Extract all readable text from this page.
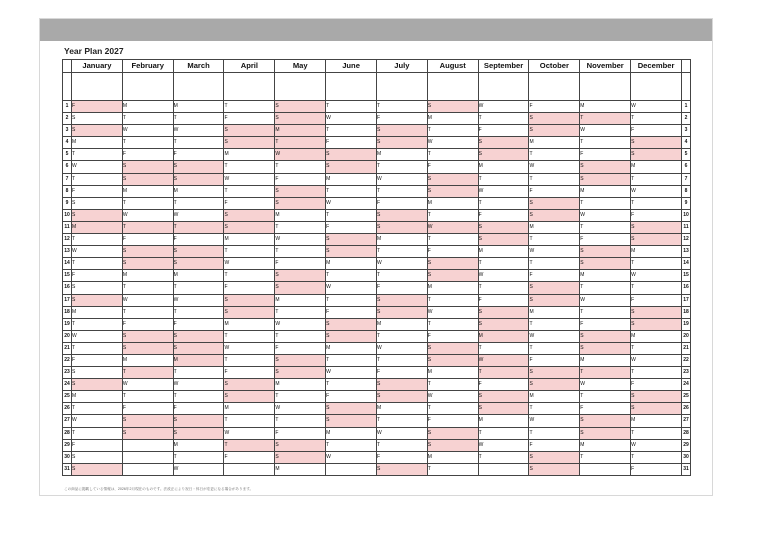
Year Plan 2027
	January	February	March	April	May	June	July	August	September	October	November	December	

1	F	M	M	T	S	T	T	S	W	F	M	W	1
2	S	T	T	F	S	W	F	M	T	S	T	T	2
3	S	W	W	S	M	T	S	T	F	S	W	F	3
4	M	T	T	S	T	F	S	W	S	M	T	S	4
5	T	F	F	M	W	S	M	T	S	T	F	S	5
6	W	S	S	T	T	S	T	F	M	W	S	M	6
7	T	S	S	W	F	M	W	S	T	T	S	T	7
8	F	M	M	T	S	T	T	S	W	F	M	W	8
9	S	T	T	F	S	W	F	M	T	S	T	T	9
10	S	W	W	S	M	T	S	T	F	S	W	F	10
11	M	T	T	S	T	F	S	W	S	M	T	S	11
12	T	F	F	M	W	S	M	T	S	T	F	S	12
13	W	S	S	T	T	S	T	F	M	W	S	M	13
14	T	S	S	W	F	M	W	S	T	T	S	T	14
15	F	M	M	T	S	T	T	S	W	F	M	W	15
16	S	T	T	F	S	W	F	M	T	S	T	T	16
17	S	W	W	S	M	T	S	T	F	S	W	F	17
18	M	T	T	S	T	F	S	W	S	M	T	S	18
19	T	F	F	M	W	S	M	T	S	T	F	S	19
20	W	S	S	T	T	S	T	F	M	W	S	M	20
21	T	S	S	W	F	M	W	S	T	T	S	T	21
22	F	M	M	T	S	T	T	S	W	F	M	W	22
23	S	T	T	F	S	W	F	M	T	S	T	T	23
24	S	W	W	S	M	T	S	T	F	S	W	F	24
25	M	T	T	S	T	F	S	W	S	M	T	S	25
26	T	F	F	M	W	S	M	T	S	T	F	S	26
27	W	S	S	T	T	S	T	F	M	W	S	M	27
28	T	S	S	W	F	M	W	S	T	T	S	T	28
29	F		M	T	S	T	T	S	W	F	M	W	29
30	S		T	F	S	W	F	M	T	S	T	T	30
31	S		W		M		S	T		S		F	31
この商品に掲載している情報は、2026年2月現在のものです。法改正により祝日・休日が変更になる場合があります。
